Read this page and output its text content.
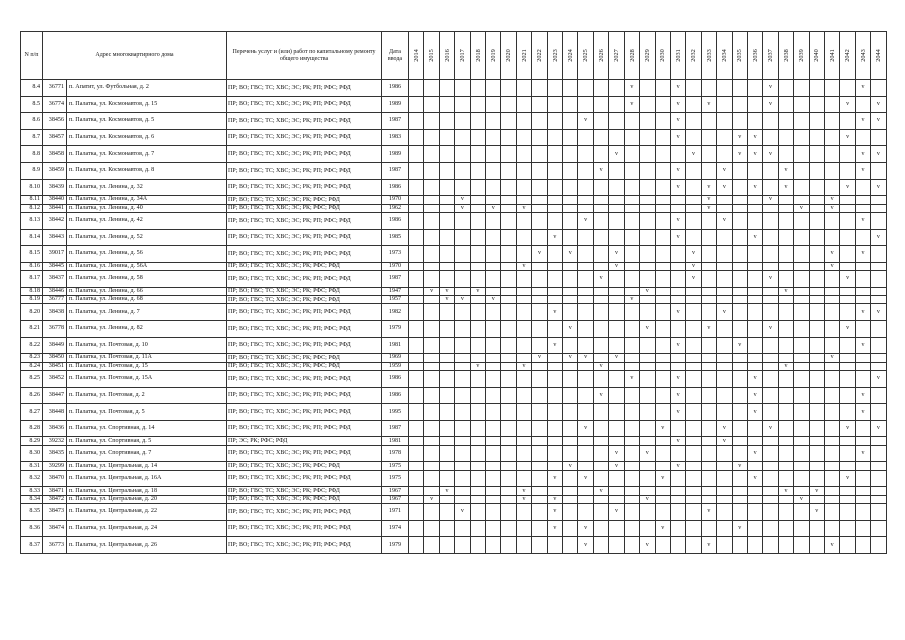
N п/п	Адрес многоквартирного дома		Перечень услуг и (или) работ по капитальному ремонту общего имущества	Дата ввода	2014	2015	2016	2017	2018	2019	2020	2021	2022	2023	2024	2025	2026	2027	2028	2029	2030	2031	2032	2033	2034	2035	2036	2037	2038	2039	2040	2041	2042	2043	2044
8.4	36771	п. Апатит, ул. Футбольная, д. 2	ПР; ВО; ГВС; ТС; ХВС; ЭС; РК; РП; РФС; РФД	1986															v			v						v						v	
8.5	36774	п. Палатка, ул. Космонавтов, д. 15	ПР; ВО; ГВС; ТС; ХВС; ЭС; РК; РП; РФС; РФД	1989															v			v		v				v					v		v
8.6	38456	п. Палатка, ул. Космонавтов, д. 5	ПР; ВО; ГВС; ТС; ХВС; ЭС; РК; РП; РФС; РФД	1987												v						v												v	v
8.7	38457	п. Палатка, ул. Космонавтов, д. 6	ПР; ВО; ГВС; ТС; ХВС; ЭС; РК; РП; РФС; РФД	1983																		v				v	v						v		
8.8	38458	п. Палатка, ул. Космонавтов, д. 7	ПР; ВО; ГВС; ТС; ХВС; ЭС; РК; РП; РФС; РФД	1989														v					v			v	v	v						v	v
8.9	38459	п. Палатка, ул. Космонавтов, д. 8	ПР; ВО; ГВС; ТС; ХВС; ЭС; РК; РП; РФС; РФД	1987													v					v			v				v					v	
8.10	38439	п. Палатка, ул. Ленина, д. 32	ПР; ВО; ГВС; ТС; ХВС; ЭС; РК; РП; РФС; РФД	1986																		v		v	v		v		v				v		v
8.11	38440	п. Палатка, ул. Ленина, д. 34А	ПР; ВО; ГВС; ТС; ХВС; ЭС; РК; РФС; РФД	1970				v																v				v				v			
8.12	38441	п. Палатка, ул. Ленина, д. 40	ПР; ВО; ГВС; ТС; ХВС; ЭС; РК; РФС; РФД	1962				v		v		v												v						v		v			
8.13	38442	п. Палатка, ул. Ленина, д. 42	ПР; ВО; ГВС; ТС; ХВС; ЭС; РК; РП; РФС; РФД	1986												v						v			v									v	
8.14	38443	п. Палатка, ул. Ленина, д. 52	ПР; ВО; ГВС; ТС; ХВС; ЭС; РК; РП; РФС; РФД	1985										v								v					v								v
8.15	39017	п. Палатка, ул. Ленина, д. 56	ПР; ВО; ГВС; ТС; ХВС; ЭС; РК; РП; РФС; РФД	1973									v		v			v					v									v		v	
8.16	38445	п. Палатка, ул. Ленина, д. 56А	ПР; ВО; ГВС; ТС; ХВС; ЭС; РК; РФС; РФД	1970								v						v					v									v			
8.17	38437	п. Палатка, ул. Ленина, д. 58	ПР; ВО; ГВС; ТС; ХВС; ЭС; РК; РП; РФС; РФД	1987													v						v					v					v		
8.18	38446	п. Палатка, ул. Ленина, д. 66	ПР; ВО; ГВС; ТС; ХВС; ЭС; РК; РФС; РФД	1947		v	v		v											v									v						
8.19	36777	п. Палатка, ул. Ленина, д. 68	ПР; ВО; ГВС; ТС; ХВС; ЭС; РК; РФС; РФД	1957			v	v		v									v																
8.20	38438	п. Палатка, ул. Ленина, д. 7	ПР; ВО; ГВС; ТС; ХВС; ЭС; РК; РП; РФС; РФД	1982										v								v			v									v	v
8.21	36778	п. Палатка, ул. Ленина, д. 82	ПР; ВО; ГВС; ТС; ХВС; ЭС; РК; РП; РФС; РФД	1979											v					v				v				v					v		
8.22	38449	п. Палатка, ул. Почтовая, д. 10	ПР; ВО; ГВС; ТС; ХВС; ЭС; РК; РП; РФС; РФД	1981										v								v				v								v	
8.23	38450	п. Палатка, ул. Почтовая, д. 11А	ПР; ВО; ГВС; ТС; ХВС; ЭС; РК; РФС; РФД	1969									v		v	v		v														v			
8.24	38451	п. Палатка, ул. Почтовая, д. 15	ПР; ВО; ГВС; ТС; ХВС; ЭС; РК; РФС; РФД	1959					v			v					v												v						
8.25	38452	п. Палатка, ул. Почтовая, д. 15А	ПР; ВО; ГВС; ТС; ХВС; ЭС; РК; РП; РФС; РФД	1986															v			v					v								v
8.26	38447	п. Палатка, ул. Почтовая, д. 2	ПР; ВО; ГВС; ТС; ХВС; ЭС; РК; РП; РФС; РФД	1986													v					v					v							v	
8.27	38448	п. Палатка, ул. Почтовая, д. 5	ПР; ВО; ГВС; ТС; ХВС; ЭС; РК; РП; РФС; РФД	1995																		v					v							v	
8.28	38436	п. Палатка, ул. Спортивная, д. 14	ПР; ВО; ГВС; ТС; ХВС; ЭС; РК; РП; РФС; РФД	1987												v					v				v			v					v		v
8.29	39232	п. Палатка, ул. Спортивная, д. 5	ПР; ЭС; РК; РФС; РФД	1981																		v			v										
8.30	38435	п. Палатка, ул. Спортивная, д. 7	ПР; ВО; ГВС; ТС; ХВС; ЭС; РК; РП; РФС; РФД	1978														v		v							v							v	
8.31	39299	п. Палатка, ул. Центральная, д. 14	ПР; ВО; ГВС; ТС; ХВС; ЭС; РК; РФС; РФД	1975											v			v				v				v									
8.32	38470	п. Палатка, ул. Центральная, д. 16А	ПР; ВО; ГВС; ТС; ХВС; ЭС; РК; РП; РФС; РФД	1975										v		v					v						v						v		
8.33	38471	п. Палатка, ул. Центральная, д. 18	ПР; ВО; ГВС; ТС; ХВС; ЭС; РК; РФС; РФД	1967			v					v					v												v		v				
8.34	38472	п. Палатка, ул. Центральная, д. 20	ПР; ВО; ГВС; ТС; ХВС; ЭС; РК; РФС; РФД	1967		v						v		v						v										v					
8.35	38473	п. Палатка, ул. Центральная, д. 22	ПР; ВО; ГВС; ТС; ХВС; ЭС; РК; РП; РФС; РФД	1971				v						v				v						v							v				
8.36	38474	п. Палатка, ул. Центральная, д. 24	ПР; ВО; ГВС; ТС; ХВС; ЭС; РК; РП; РФС; РФД	1974										v		v					v					v									
8.37	36773	п. Палатка, ул. Центральная, д. 26	ПР; ВО; ГВС; ТС; ХВС; ЭС; РК; РП; РФС; РФД	1979												v				v				v								v			
